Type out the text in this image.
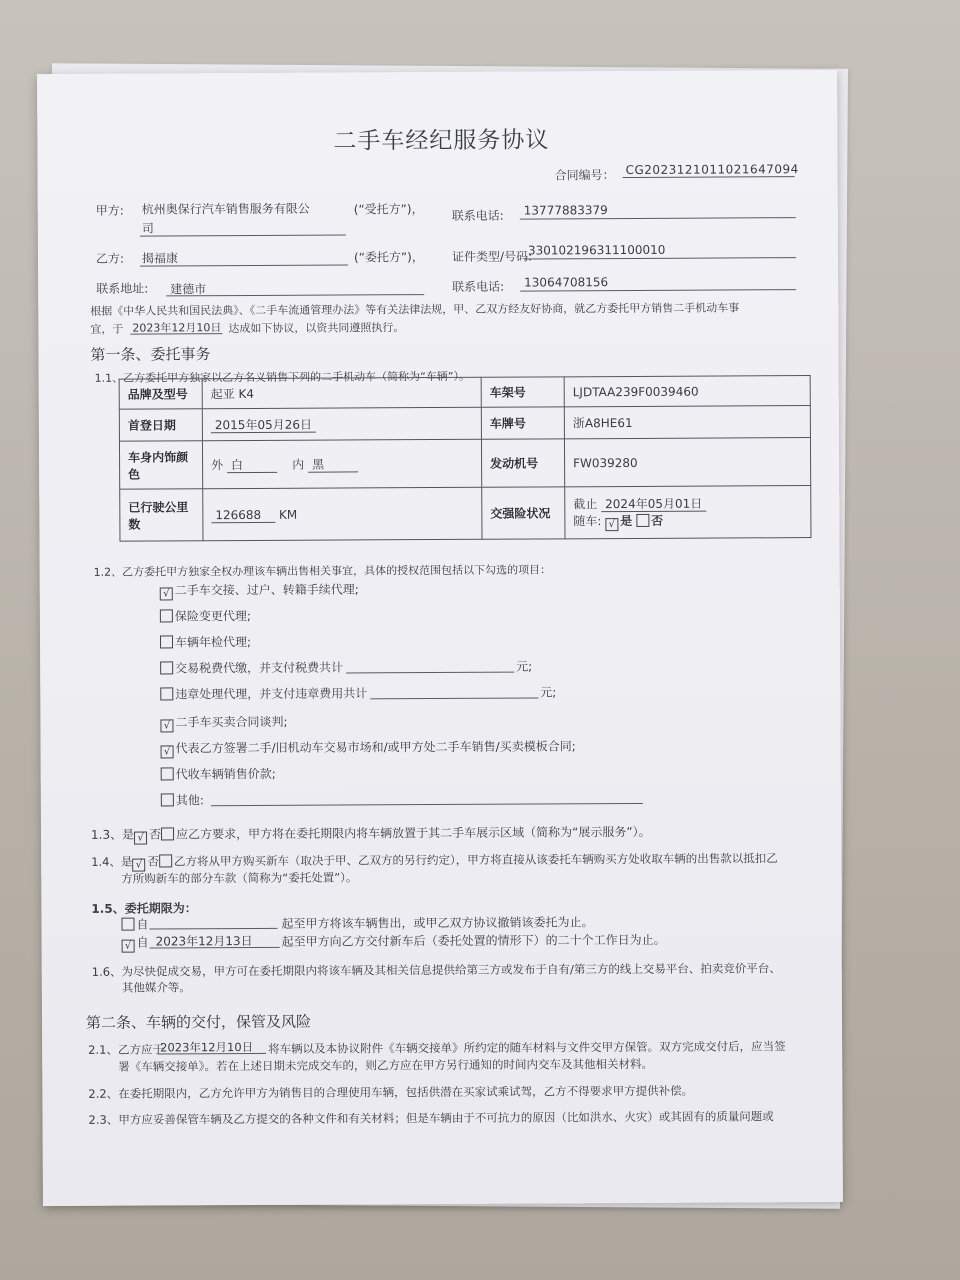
二手车经纪服务协议
合同编号： CG20231210110216470​94
甲方: 杭州奥保行汽车销售服务有限公
司
(“受托方”)， 联系电话: 13777883379
乙方: 揭福康	(“委托方”)， 证件类型/号码:
330102196311100010
联系地址: 建德市	联系电话: 13064708156
根据《中华人民共和国民法典》、《二手车流通管理办法》等有关法律法规，甲、乙双方经友好协商，就乙方委托甲方销售二手机动车事
宜，于 2023年12月10日 达成如下协议，以资共同遵照执行。
第一条、委托事务
1.1、乙方委托甲方独家以乙方名义销售下列的二手机动车（简称为“车辆”）。
品牌及型号	起亚 K4	车架号	LJDTAA239F0039460
首登日期	2015年05月26日	车牌号	浙A8HE61
车身内饰颜色	外 白 内 黑	发动机号	FW039280
已行驶公里数	126688 KM	交强险状况	截止 2024年05月01日
随车: √ 是 否
1.2、乙方委托甲方独家全权办理该车辆出售相关事宜，具体的授权范围包括以下勾选的项目：
√ 二手车交接、过户、转籍手续代理;
保险变更代理;
车辆年检代理;
交易税费代缴，并支付税费共计	元;
违章处理代理，并支付违章费用共计	元;
√ 二手车买卖合同谈判;
√ 代表乙方签署二手/旧机动车交易市场和/或甲方处二手车销售/买卖模板合同;
代收车辆销售价款;
其他:
1.3、是 √ 否 应乙方要求，甲方将在委托期限内将车辆放置于其二手车展示区域（简称为“展示服务”）。
1.4、是 √ 否 乙方将从甲方购买新车（取决于甲、乙双方的另行约定），甲方将直接从该委托车辆购买方处收取车辆的出售款以抵扣乙
方所购新车的部分车款（简称为“委托处置”）。
1.5、委托期限为：
自	起至甲方将该车辆售出，或甲乙双方协议撤销该委托为止。
√ 自 2023年12月13日 起至甲方向乙方交付新车后（委托处置的情形下）的二十个工作日为止。
1.6、为尽快促成交易，甲方可在委托期限内将该车辆及其相关信息提供给第三方或发布于自有/第三方的线上交易平台、拍卖竞价平台、
其他媒介等。
第二条、车辆的交付，保管及风险
2.1、乙方应于
2023年12月10日 将车辆以及本协议附件《车辆交接单》所约定的随车材料与文件交甲方保管。双方完成交付后，应当签
署《车辆交接单》。若在上述日期未完成交车的，则乙方应在甲方另行通知的时间内交车及其他相关材料。
2.2、在委托期限内，乙方允许甲方为销售目的合理使用车辆，包括供潜在买家试乘试驾，乙方不得要求甲方提供补偿。
2.3、甲方应妥善保管车辆及乙方提交的各种文件和有关材料；但是车辆由于不可抗力的原因（比如洪水、火灾）或其固有的质量问题或
